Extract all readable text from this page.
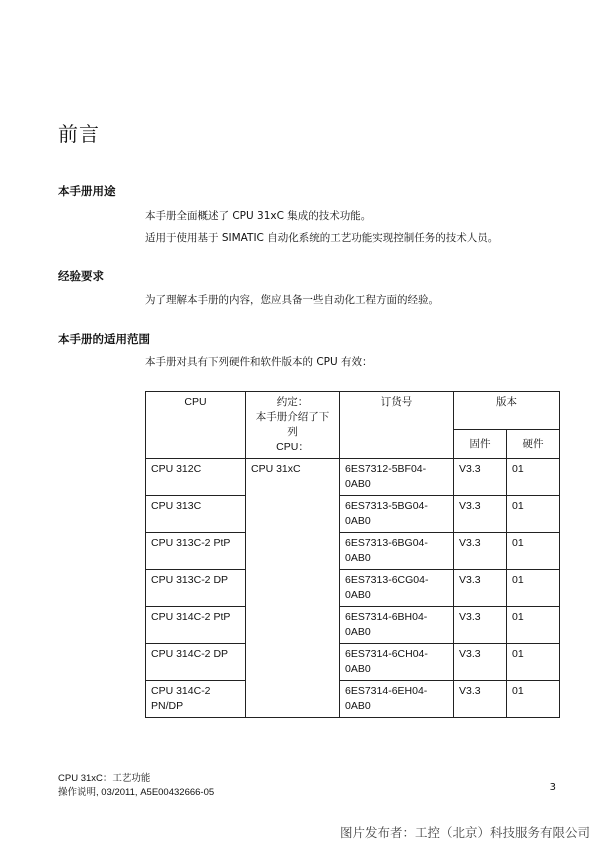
前言
本手册用途
本手册全面概述了 CPU 31xC 集成的技术功能。
适用于使用基于 SIMATIC 自动化系统的工艺功能实现控制任务的技术人员。
经验要求
为了理解本手册的内容，您应具备一些自动化工程方面的经验。
本手册的适用范围
本手册对具有下列硬件和软件版本的 CPU 有效：
CPU	约定：
本手册介绍了下列
CPU：	订货号	版本	
			固件	硬件
CPU 312C	CPU 31xC	6ES7312-5BF04-0AB0	V3.3	01
CPU 313C		6ES7313-5BG04-0AB0	V3.3	01
CPU 313C-2 PtP		6ES7313-6BG04-0AB0	V3.3	01
CPU 313C-2 DP		6ES7313-6CG04-0AB0	V3.3	01
CPU 314C-2 PtP		6ES7314-6BH04-0AB0	V3.3	01
CPU 314C-2 DP		6ES7314-6CH04-0AB0	V3.3	01
CPU 314C-2 PN/DP		6ES7314-6EH04-0AB0	V3.3	01
CPU 31xC：工艺功能
操作说明, 03/2011, A5E00432666-05	3
图片发布者：工控（北京）科技服务有限公司
